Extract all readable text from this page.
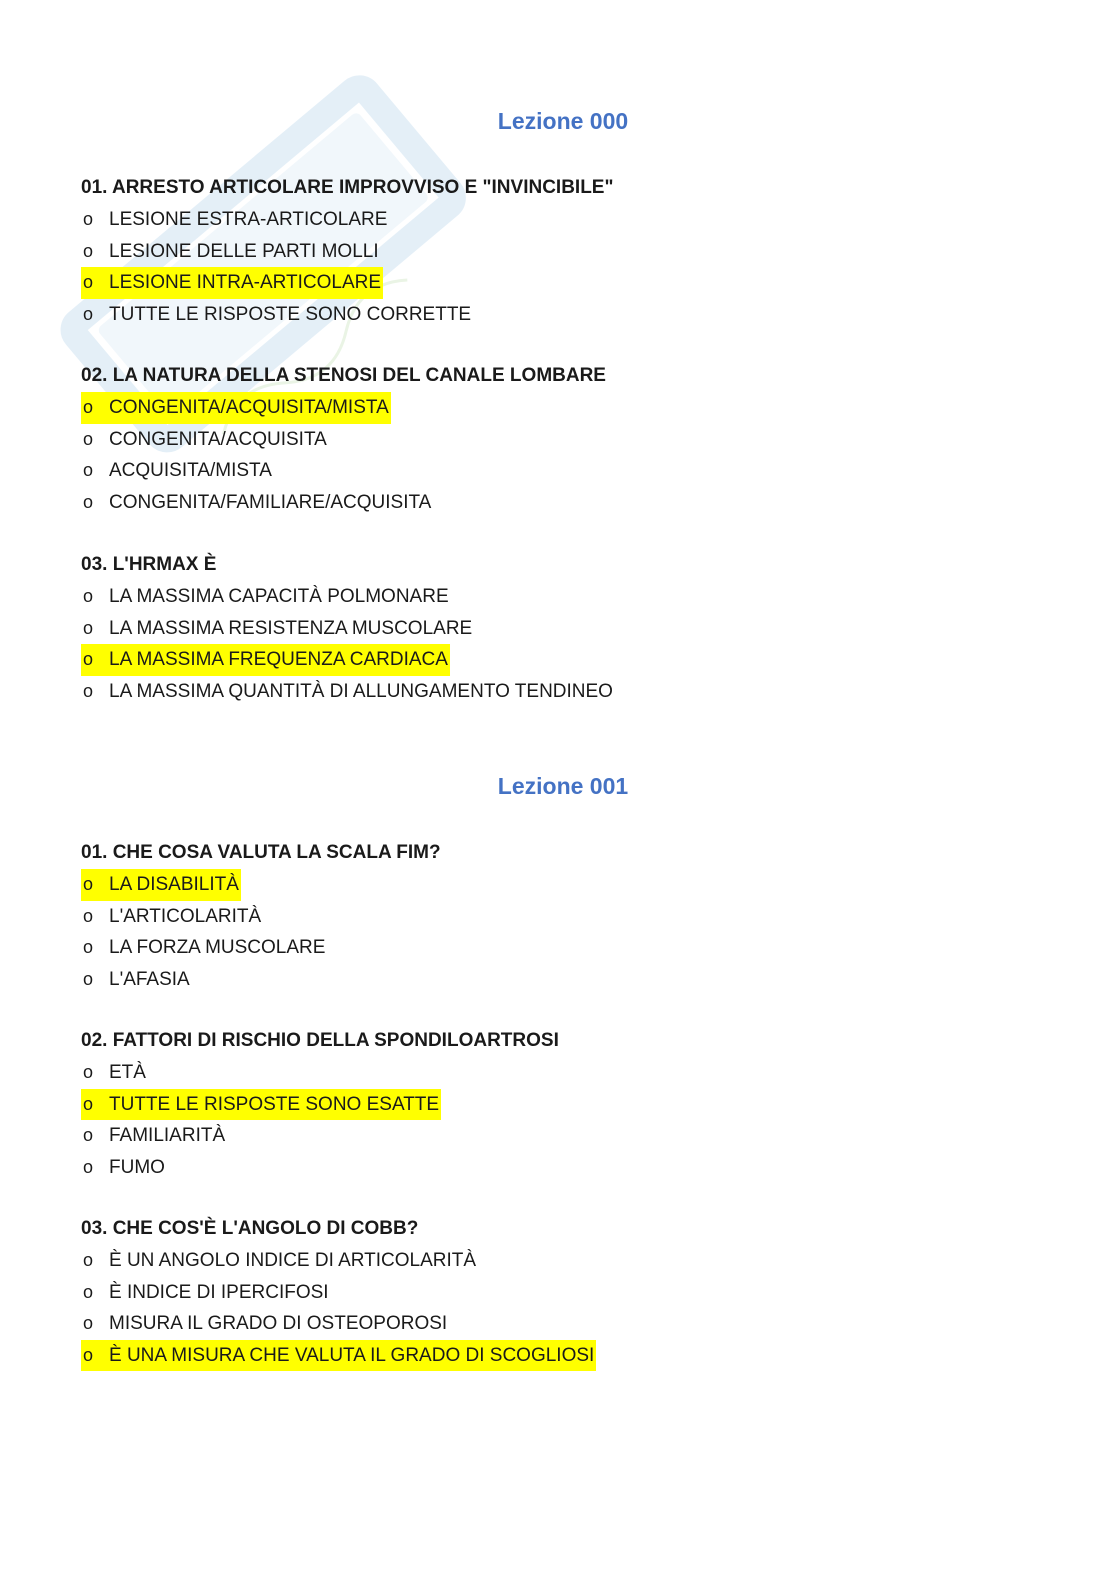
Lezione 000
01. ARRESTO ARTICOLARE IMPROVVISO E "INVINCIBILE"
o LESIONE ESTRA-ARTICOLARE
o LESIONE DELLE PARTI MOLLI
o LESIONE INTRA-ARTICOLARE
o TUTTE LE RISPOSTE SONO CORRETTE
02. LA NATURA DELLA STENOSI DEL CANALE LOMBARE
o CONGENITA/ACQUISITA/MISTA
o CONGENITA/ACQUISITA
o ACQUISITA/MISTA
o CONGENITA/FAMILIARE/ACQUISITA
03. L'HRMAX È
o LA MASSIMA CAPACITÀ POLMONARE
o LA MASSIMA RESISTENZA MUSCOLARE
o LA MASSIMA FREQUENZA CARDIACA
o LA MASSIMA QUANTITÀ DI ALLUNGAMENTO TENDINEO
Lezione 001
01. CHE COSA VALUTA LA SCALA FIM?
o LA DISABILITÀ
o L'ARTICOLARITÀ
o LA FORZA MUSCOLARE
o L'AFASIA
02. FATTORI DI RISCHIO DELLA SPONDILOARTROSI
o ETÀ
o TUTTE LE RISPOSTE SONO ESATTE
o FAMILIARITÀ
o FUMO
03. CHE COS'È L'ANGOLO DI COBB?
o È UN ANGOLO INDICE DI ARTICOLARITÀ
o È INDICE DI IPERCIFOSI
o MISURA IL GRADO DI OSTEOPOROSI
o È UNA MISURA CHE VALUTA IL GRADO DI SCOGLIOSI
